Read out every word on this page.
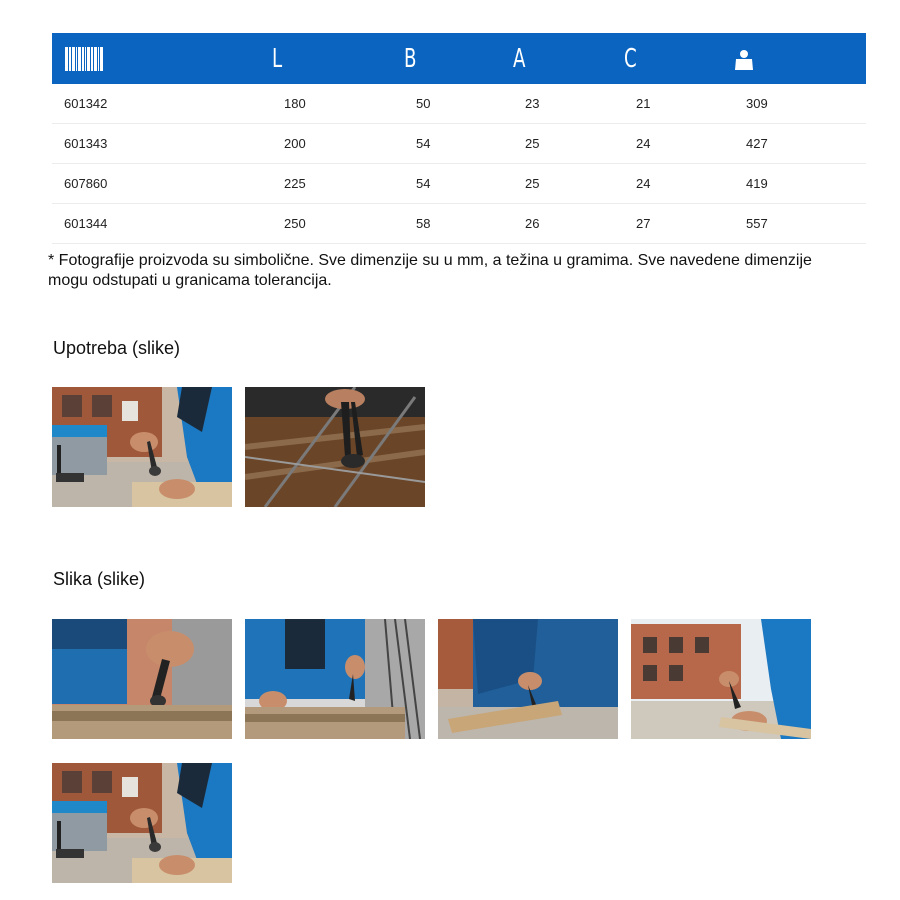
	L	B	A	C	
601342	180	50	23	21	309
601343	200	54	25	24	427
607860	225	54	25	24	419
601344	250	58	26	27	557

* Fotografije proizvoda su simbolične. Sve dimenzije su u mm, a težina u gramima. Sve navedene dimenzije mogu odstupati u granicama tolerancija.

Upotreba (slike)
Slika (slike)
